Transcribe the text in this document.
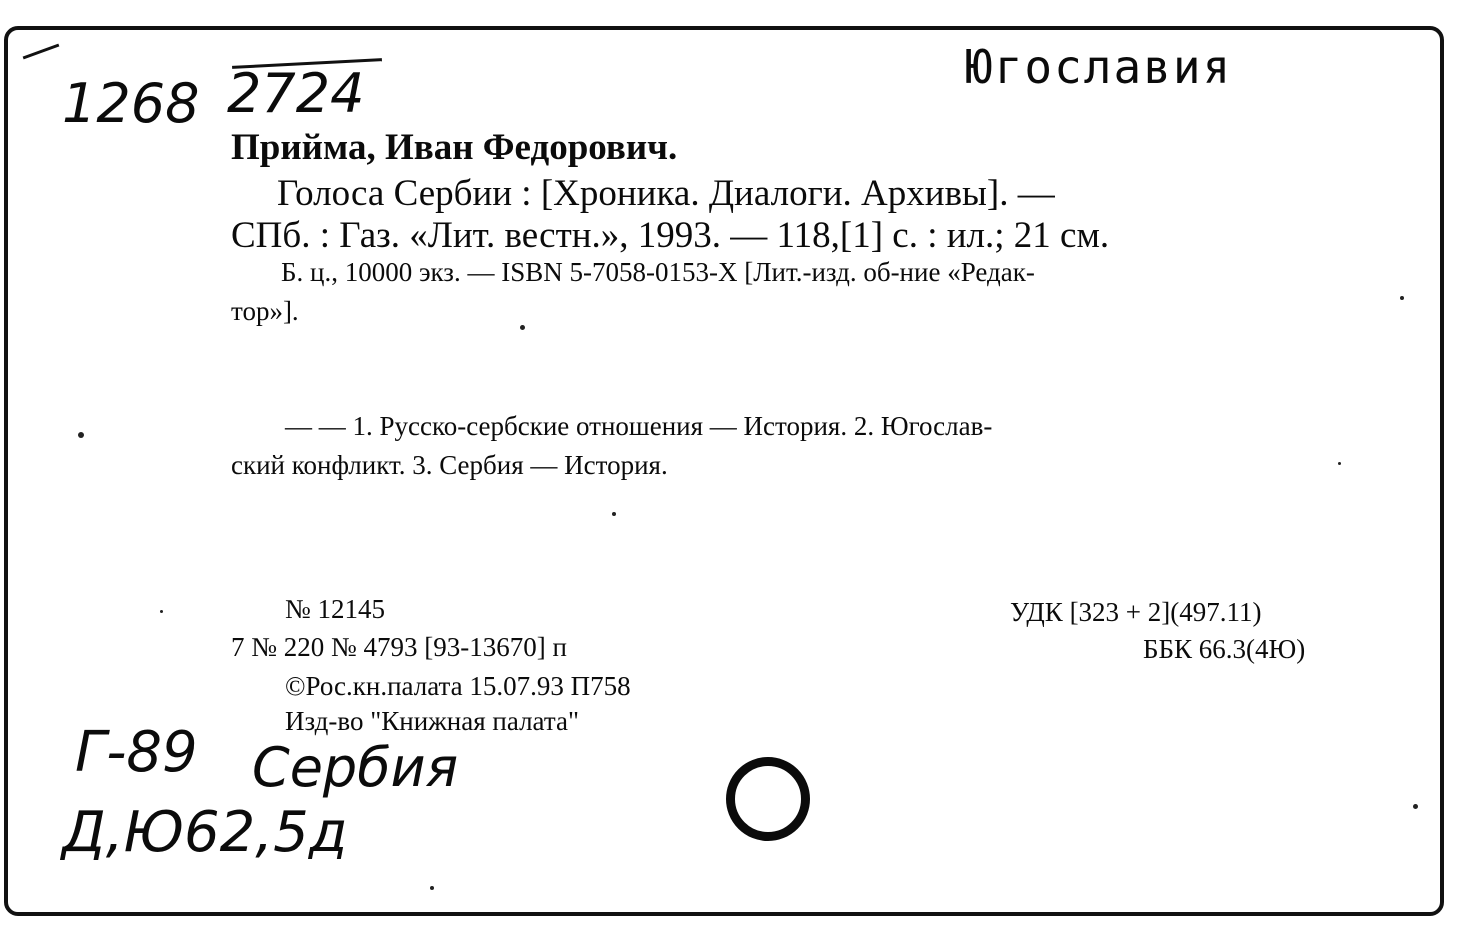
1268 2724	Югославия
Прийма, Иван Федорович.
Голоса Сербии : [Хроника. Диалоги. Архивы]. —
СПб. : Газ. «Лит. вестн.», 1993. — 118,[1] с. : ил.; 21 см.
Б. ц., 10000 экз. — ISBN 5-7058-0153-X [Лит.-изд. об-ние «Редак-
тор»].
— — 1. Русско-сербские отношения — История. 2. Югослав-
ский конфликт. 3. Сербия — История.
№ 12145
7 № 220 № 4793 [93-13670] п
©Рос.кн.палата 15.07.93 П758
Изд-во "Книжная палата"
УДК [323 + 2](497.11)
ББК 66.3(4Ю)
Г-89 Сербия
Д,Ю62,5д
